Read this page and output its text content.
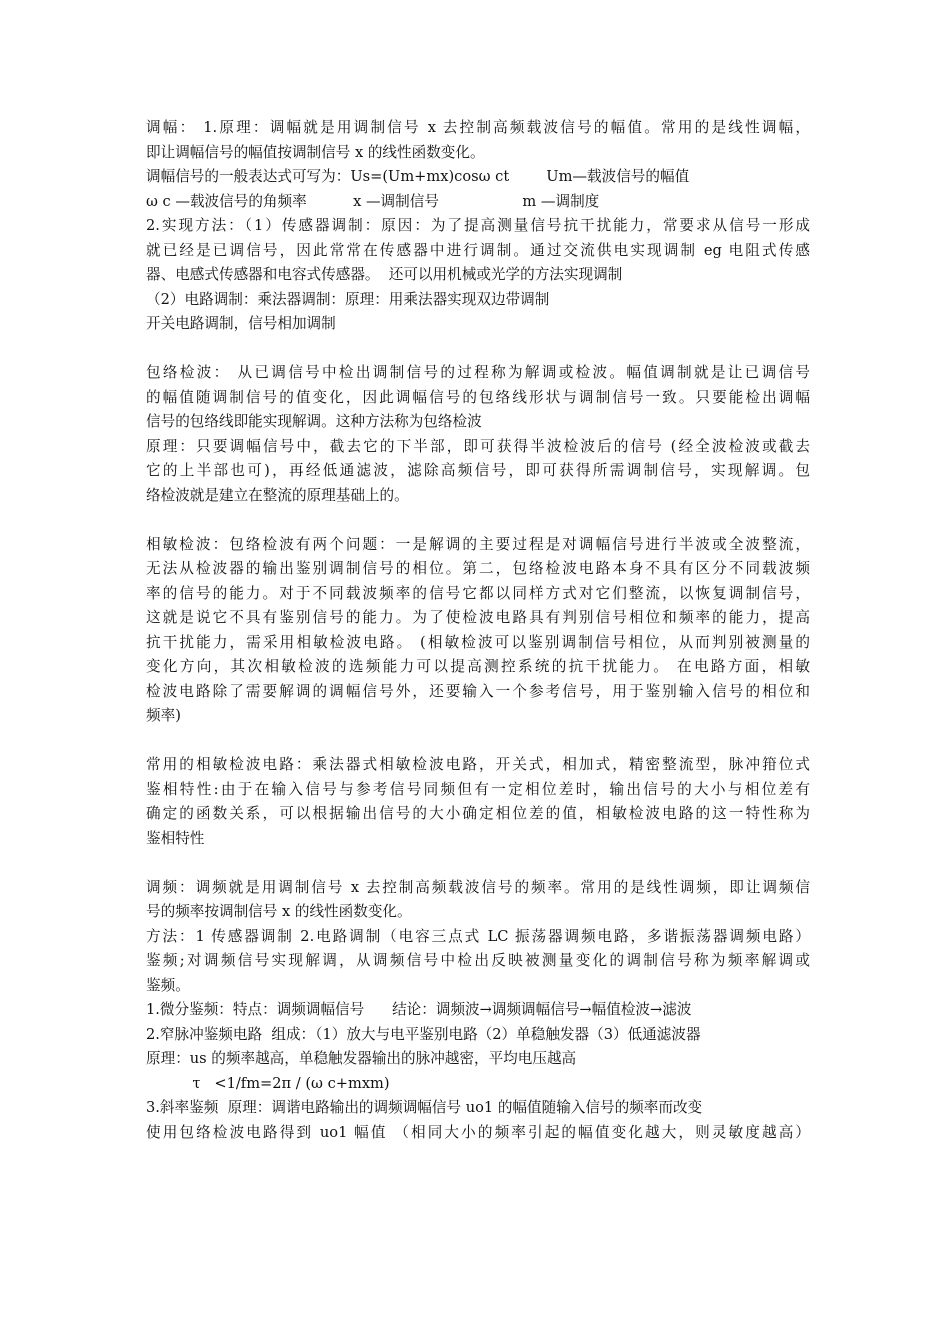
调幅： 1.原理：调幅就是用调制信号 x 去控制高频载波信号的幅值。常用的是线性调幅，
即让调幅信号的幅值按调制信号 x 的线性函数变化。
调幅信号的一般表达式可写为：Us=(Um+mx)cosω ct        Um—载波信号的幅值
ω c —载波信号的角频率          x —调制信号                  m —调制度
2.实现方法：（1）传感器调制：原因：为了提高测量信号抗干扰能力，常要求从信号一形成
就已经是已调信号，因此常常在传感器中进行调制。通过交流供电实现调制 eg 电阻式传感
器、电感式传感器和电容式传感器。  还可以用机械或光学的方法实现调制
（2）电路调制：乘法器调制：原理：用乘法器实现双边带调制
开关电路调制，信号相加调制
包络检波： 从已调信号中检出调制信号的过程称为解调或检波。幅值调制就是让已调信号
的幅值随调制信号的值变化，因此调幅信号的包络线形状与调制信号一致。只要能检出调幅
信号的包络线即能实现解调。这种方法称为包络检波
原理：只要调幅信号中，截去它的下半部，即可获得半波检波后的信号 (经全波检波或截去
它的上半部也可)，再经低通滤波，滤除高频信号，即可获得所需调制信号，实现解调。包
络检波就是建立在整流的原理基础上的。
相敏检波：包络检波有两个问题：一是解调的主要过程是对调幅信号进行半波或全波整流，
无法从检波器的输出鉴别调制信号的相位。第二，包络检波电路本身不具有区分不同载波频
率的信号的能力。对于不同载波频率的信号它都以同样方式对它们整流，以恢复调制信号，
这就是说它不具有鉴别信号的能力。为了使检波电路具有判别信号相位和频率的能力，提高
抗干扰能力，需采用相敏检波电路。 (相敏检波可以鉴别调制信号相位，从而判别被测量的
变化方向，其次相敏检波的选频能力可以提高测控系统的抗干扰能力。 在电路方面，相敏
检波电路除了需要解调的调幅信号外，还要输入一个参考信号，用于鉴别输入信号的相位和
频率)
常用的相敏检波电路：乘法器式相敏检波电路，开关式，相加式，精密整流型，脉冲箝位式
鉴相特性:由于在输入信号与参考信号同频但有一定相位差时，输出信号的大小与相位差有
确定的函数关系，可以根据输出信号的大小确定相位差的值，相敏检波电路的这一特性称为
鉴相特性
调频：调频就是用调制信号 x 去控制高频载波信号的频率。常用的是线性调频，即让调频信
号的频率按调制信号 x 的线性函数变化。
方法：1 传感器调制 2.电路调制（电容三点式 LC 振荡器调频电路，多谐振荡器调频电路）
鉴频;对调频信号实现解调，从调频信号中检出反映被测量变化的调制信号称为频率解调或
鉴频。
1.微分鉴频：特点：调频调幅信号      结论：调频波→调频调幅信号→幅值检波→滤波
2.窄脉冲鉴频电路  组成：（1）放大与电平鉴别电路（2）单稳触发器（3）低通滤波器
原理：us 的频率越高，单稳触发器输出的脉冲越密，平均电压越高
τ   <1/fm=2π / (ω c+mxm)
3.斜率鉴频  原理：调谐电路输出的调频调幅信号 uo1 的幅值随输入信号的频率而改变
使用包络检波电路得到 uo1 幅值 （相同大小的频率引起的幅值变化越大，则灵敏度越高）
